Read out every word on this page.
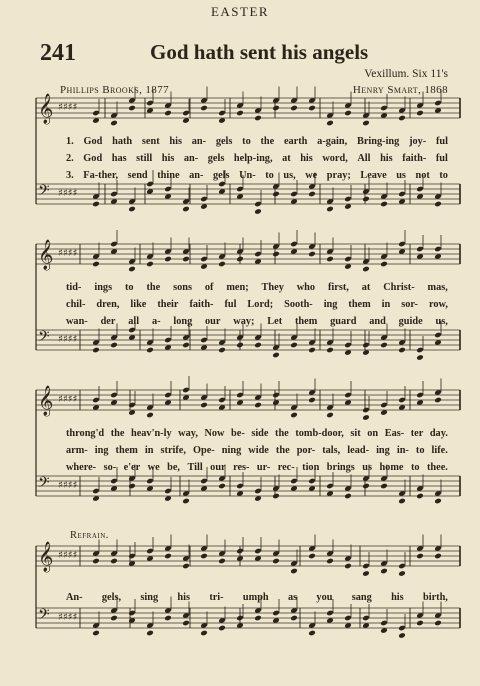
EASTER
241	God hath sent his angels
Vexillum. Six 11's
Phillips Brooks, 1877	Henry Smart, 1868
Refrain.
𝄞 ♯♯♯♯
𝄢 ♯♯♯♯
𝄞 ♯♯♯♯
𝄢 ♯♯♯♯
𝄞 ♯♯♯♯
𝄢 ♯♯♯♯
𝄞 ♯♯♯♯
𝄢 ♯♯♯♯
1. God hath sent his an- gels to the earth a-gain, Bring-ing joy- ful
2. God has still his an- gels help-ing, at his word, All his faith- ful
3. Fa-ther, send thine an- gels Un- to us, we pray; Leave us not to
tid- ings to the sons of men; They who first, at Christ- mas,
chil- dren, like their faith- ful Lord; Sooth- ing them in sor- row,
wan- der all a- long our way; Let them guard and guide us,
throng'd the heav'n-ly way, Now be- side the tomb-door, sit on Eas- ter day.
arm- ing them in strife, Ope- ning wide the por- tals, lead- ing in- to life.
where- so- e'er we be, Till our res- ur- rec- tion brings us home to thee.
An- gels, sing his tri- umph as you sang his birth,
